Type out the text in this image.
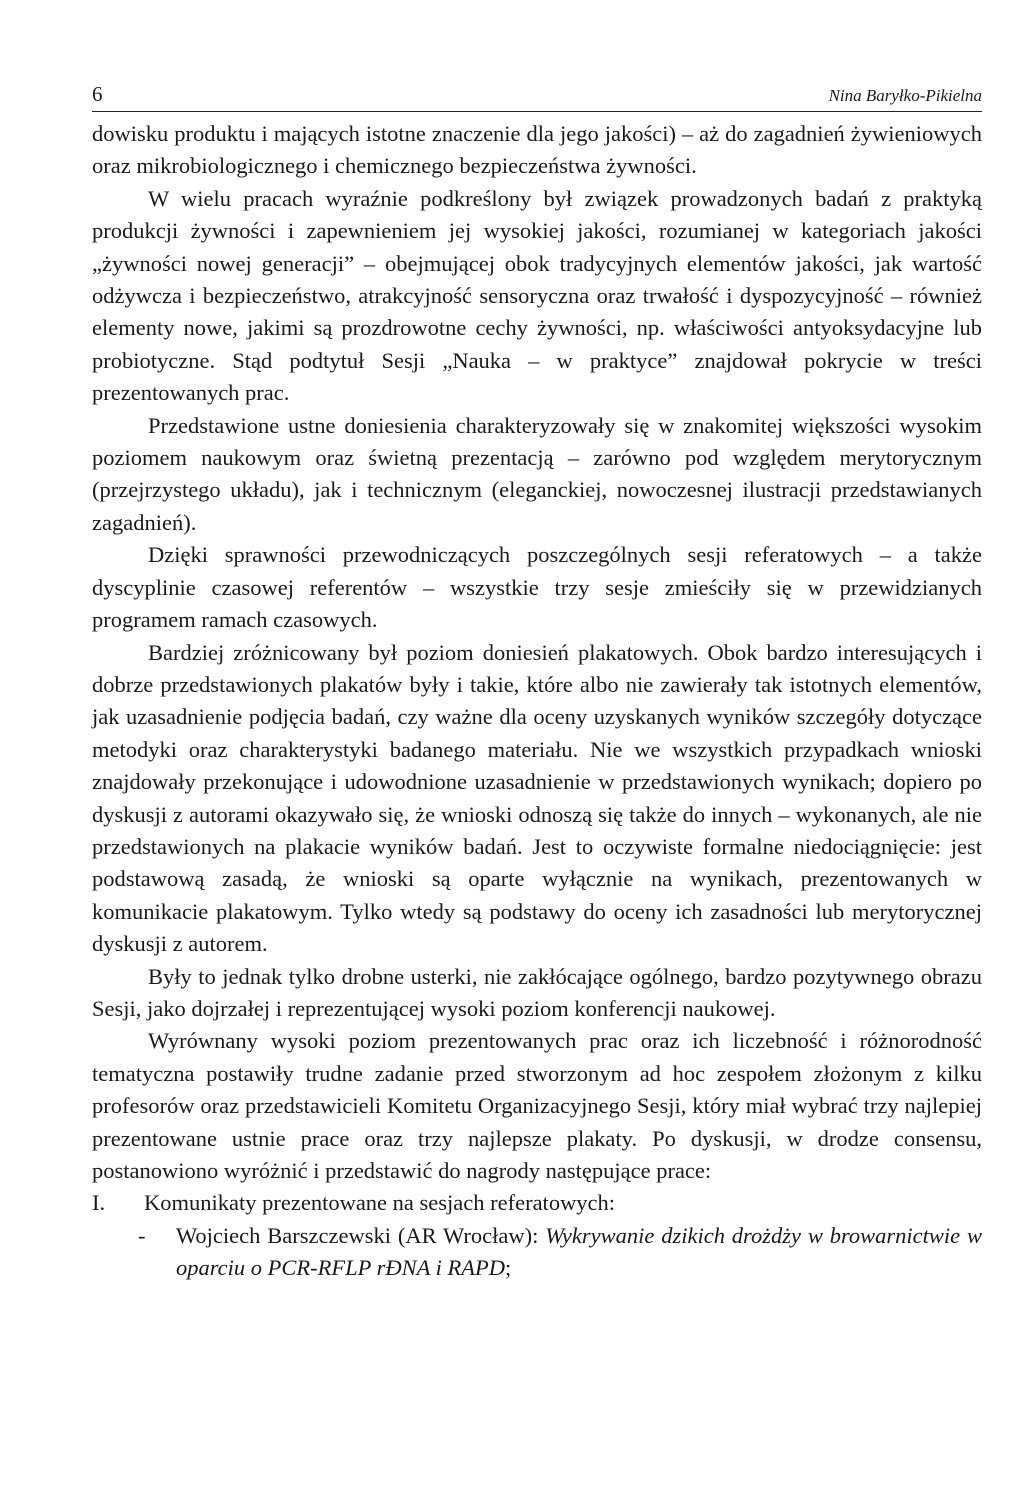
6	Nina Baryłko-Pikielna

dowisku produktu i mających istotne znaczenie dla jego jakości) – aż do zagadnień żywieniowych oraz mikrobiologicznego i chemicznego bezpieczeństwa żywności.

W wielu pracach wyraźnie podkreślony był związek prowadzonych badań z praktyką produkcji żywności i zapewnieniem jej wysokiej jakości, rozumianej w kategoriach jakości „żywności nowej generacji” – obejmującej obok tradycyjnych elementów jakości, jak wartość odżywcza i bezpieczeństwo, atrakcyjność sensoryczna oraz trwałość i dyspozycyjność – również elementy nowe, jakimi są prozdrowotne cechy żywności, np. właściwości antyoksydacyjne lub probiotyczne. Stąd podtytuł Sesji „Nauka – w praktyce” znajdował pokrycie w treści prezentowanych prac.

Przedstawione ustne doniesienia charakteryzowały się w znakomitej większości wysokim poziomem naukowym oraz świetną prezentacją – zarówno pod względem merytorycznym (przejrzystego układu), jak i technicznym (eleganckiej, nowoczesnej ilustracji przedstawianych zagadnień).

Dzięki sprawności przewodniczących poszczególnych sesji referatowych – a także dyscyplinie czasowej referentów – wszystkie trzy sesje zmieściły się w przewidzianych programem ramach czasowych.

Bardziej zróżnicowany był poziom doniesień plakatowych. Obok bardzo interesujących i dobrze przedstawionych plakatów były i takie, które albo nie zawierały tak istotnych elementów, jak uzasadnienie podjęcia badań, czy ważne dla oceny uzyskanych wyników szczegóły dotyczące metodyki oraz charakterystyki badanego materiału. Nie we wszystkich przypadkach wnioski znajdowały przekonujące i udowodnione uzasadnienie w przedstawionych wynikach; dopiero po dyskusji z autorami okazywało się, że wnioski odnoszą się także do innych – wykonanych, ale nie przedstawionych na plakacie wyników badań. Jest to oczywiste formalne niedociągnięcie: jest podstawową zasadą, że wnioski są oparte wyłącznie na wynikach, prezentowanych w komunikacie plakatowym. Tylko wtedy są podstawy do oceny ich zasadności lub merytorycznej dyskusji z autorem.

Były to jednak tylko drobne usterki, nie zakłócające ogólnego, bardzo pozytywnego obrazu Sesji, jako dojrzałej i reprezentującej wysoki poziom konferencji naukowej.

Wyrównany wysoki poziom prezentowanych prac oraz ich liczebność i różnorodność tematyczna postawiły trudne zadanie przed stworzonym ad hoc zespołem złożonym z kilku profesorów oraz przedstawicieli Komitetu Organizacyjnego Sesji, który miał wybrać trzy najlepiej prezentowane ustnie prace oraz trzy najlepsze plakaty. Po dyskusji, w drodze consensu, postanowiono wyróżnić i przedstawić do nagrody następujące prace:

I.	Komunikaty prezentowane na sesjach referatowych:
-	Wojciech Barszczewski (AR Wrocław): Wykrywanie dzikich drożdży w browarnictwie w oparciu o PCR-RFLP rĐNA i RAPD;
